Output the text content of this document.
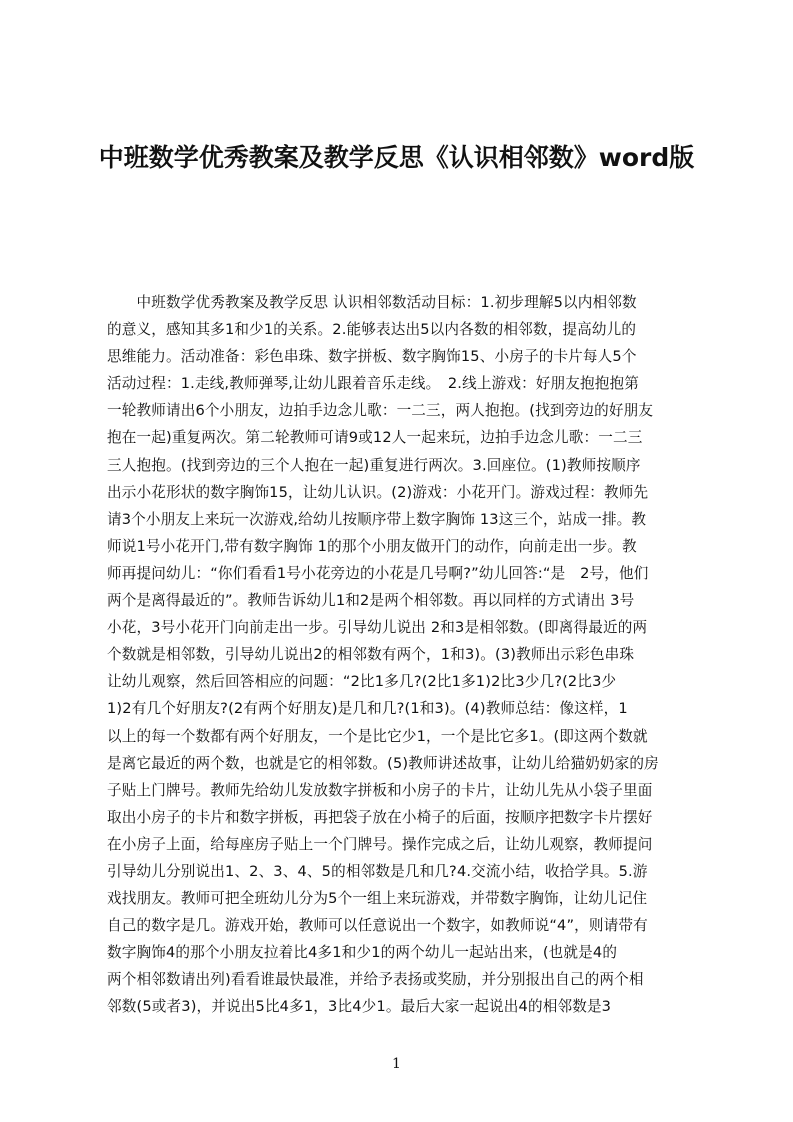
中班数学优秀教案及教学反思《认识相邻数》word版
　　中班数学优秀教案及教学反思 认识相邻数活动目标：1.初步理解5以内相邻数
的意义，感知其多1和少1的关系。2.能够表达出5以内各数的相邻数，提高幼儿的
思维能力。活动准备：彩色串珠、数字拼板、数字胸饰15、小房子的卡片每人5个
活动过程：1.走线,教师弹琴,让幼儿跟着音乐走线。　2.线上游戏：好朋友抱抱抱第
一轮教师请出6个小朋友，边拍手边念儿歌：一二三，两人抱抱。(找到旁边的好朋友
抱在一起)重复两次。第二轮教师可请9或12人一起来玩，边拍手边念儿歌：一二三
三人抱抱。(找到旁边的三个人抱在一起)重复进行两次。3.回座位。(1)教师按顺序
出示小花形状的数字胸饰15，让幼儿认识。(2)游戏：小花开门。游戏过程：教师先
请3个小朋友上来玩一次游戏,给幼儿按顺序带上数字胸饰 13这三个，站成一排。教
师说1号小花开门,带有数字胸饰 1的那个小朋友做开门的动作，向前走出一步。教
师再提问幼儿：“你们看看1号小花旁边的小花是几号啊?”幼儿回答:“是　2号，他们
两个是离得最近的”。教师告诉幼儿1和2是两个相邻数。再以同样的方式请出 3号
小花，3号小花开门向前走出一步。引导幼儿说出 2和3是相邻数。(即离得最近的两
个数就是相邻数，引导幼儿说出2的相邻数有两个，1和3)。(3)教师出示彩色串珠
让幼儿观察，然后回答相应的问题：“2比1多几?(2比1多1)2比3少几?(2比3少
1)2有几个好朋友?(2有两个好朋友)是几和几?(1和3)。(4)教师总结：像这样，1
以上的每一个数都有两个好朋友，一个是比它少1，一个是比它多1。(即这两个数就
是离它最近的两个数，也就是它的相邻数。(5)教师讲述故事，让幼儿给猫奶奶家的房
子贴上门牌号。教师先给幼儿发放数字拼板和小房子的卡片，让幼儿先从小袋子里面
取出小房子的卡片和数字拼板，再把袋子放在小椅子的后面，按顺序把数字卡片摆好
在小房子上面，给每座房子贴上一个门牌号。操作完成之后，让幼儿观察，教师提问
引导幼儿分别说出1、2、3、4、5的相邻数是几和几?4.交流小结，收拾学具。5.游
戏找朋友。教师可把全班幼儿分为5个一组上来玩游戏，并带数字胸饰，让幼儿记住
自己的数字是几。游戏开始，教师可以任意说出一个数字，如教师说“4”，则请带有
数字胸饰4的那个小朋友拉着比4多1和少1的两个幼儿一起站出来，(也就是4的
两个相邻数请出列)看看谁最快最准，并给予表扬或奖励，并分别报出自己的两个相
邻数(5或者3)，并说出5比4多1，3比4少1。最后大家一起说出4的相邻数是3
1
